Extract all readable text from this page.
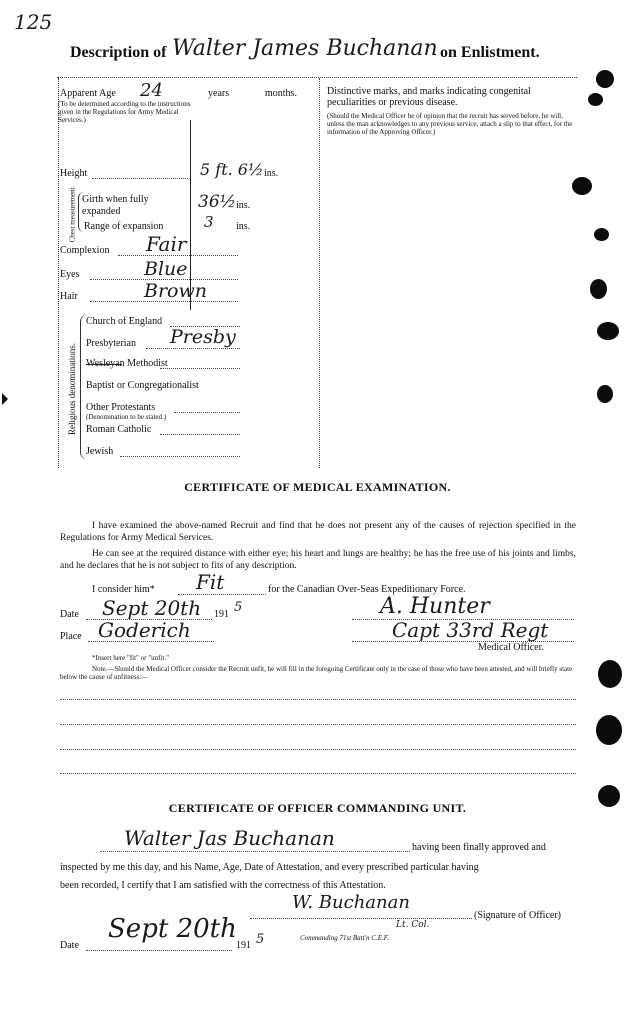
125
Description of Walter James Buchanan on Enlistment.
Apparent Age 24	years	months.
(To be determined according to the instructions given in the Regulations for Army Medical Services.)
Height	5 ft. 6½ ins.
Chest measurement. Girth when fully expanded	36½ ins.
Range of expansion	3 ins.
Complexion Fair
Eyes	Blue
Hair	Brown
Religious denominations.
Church of England
Presbyterian Presby
Wesleyan Methodist
Baptist or Congregationalist
Other Protestants
(Denomination to be stated.)
Roman Catholic
Jewish
Distinctive marks, and marks indicating congenital peculiarities or previous disease.
(Should the Medical Officer be of opinion that the recruit has served before, he will, unless the man acknowledges to any previous service, attach a slip to that effect, for the information of the Approving Officer.)
CERTIFICATE OF MEDICAL EXAMINATION.
I have examined the above-named Recruit and find that he does not present any of the causes of rejection specified in the Regulations for Army Medical Services.
He can see at the required distance with either eye; his heart and lungs are healthy; he has the free use of his joints and limbs, and he declares that he is not subject to fits of any description.
I consider him* Fit	for the Canadian Over-Seas Expeditionary Force.
Date Sept 20th 191 5	A. Hunter
Place Goderich	Capt 33rd Regt
Medical Officer.
*Insert here "fit" or "unfit."
Note.—Should the Medical Officer consider the Recruit unfit, he will fill in the foregoing Certificate only in the case of those who have been attested, and will briefly state below the cause of unfitness:—
CERTIFICATE OF OFFICER COMMANDING UNIT.
Walter Jas Buchanan	having been finally approved and
inspected by me this day, and his Name, Age, Date of Attestation, and every prescribed particular having
been recorded, I certify that I am satisfied with the correctness of this Attestation.
W. Buchanan
(Signature of Officer)
Lt. Col.
Commanding 71st Batt'n C.E.F.
Date
Sept 20th
191 5
